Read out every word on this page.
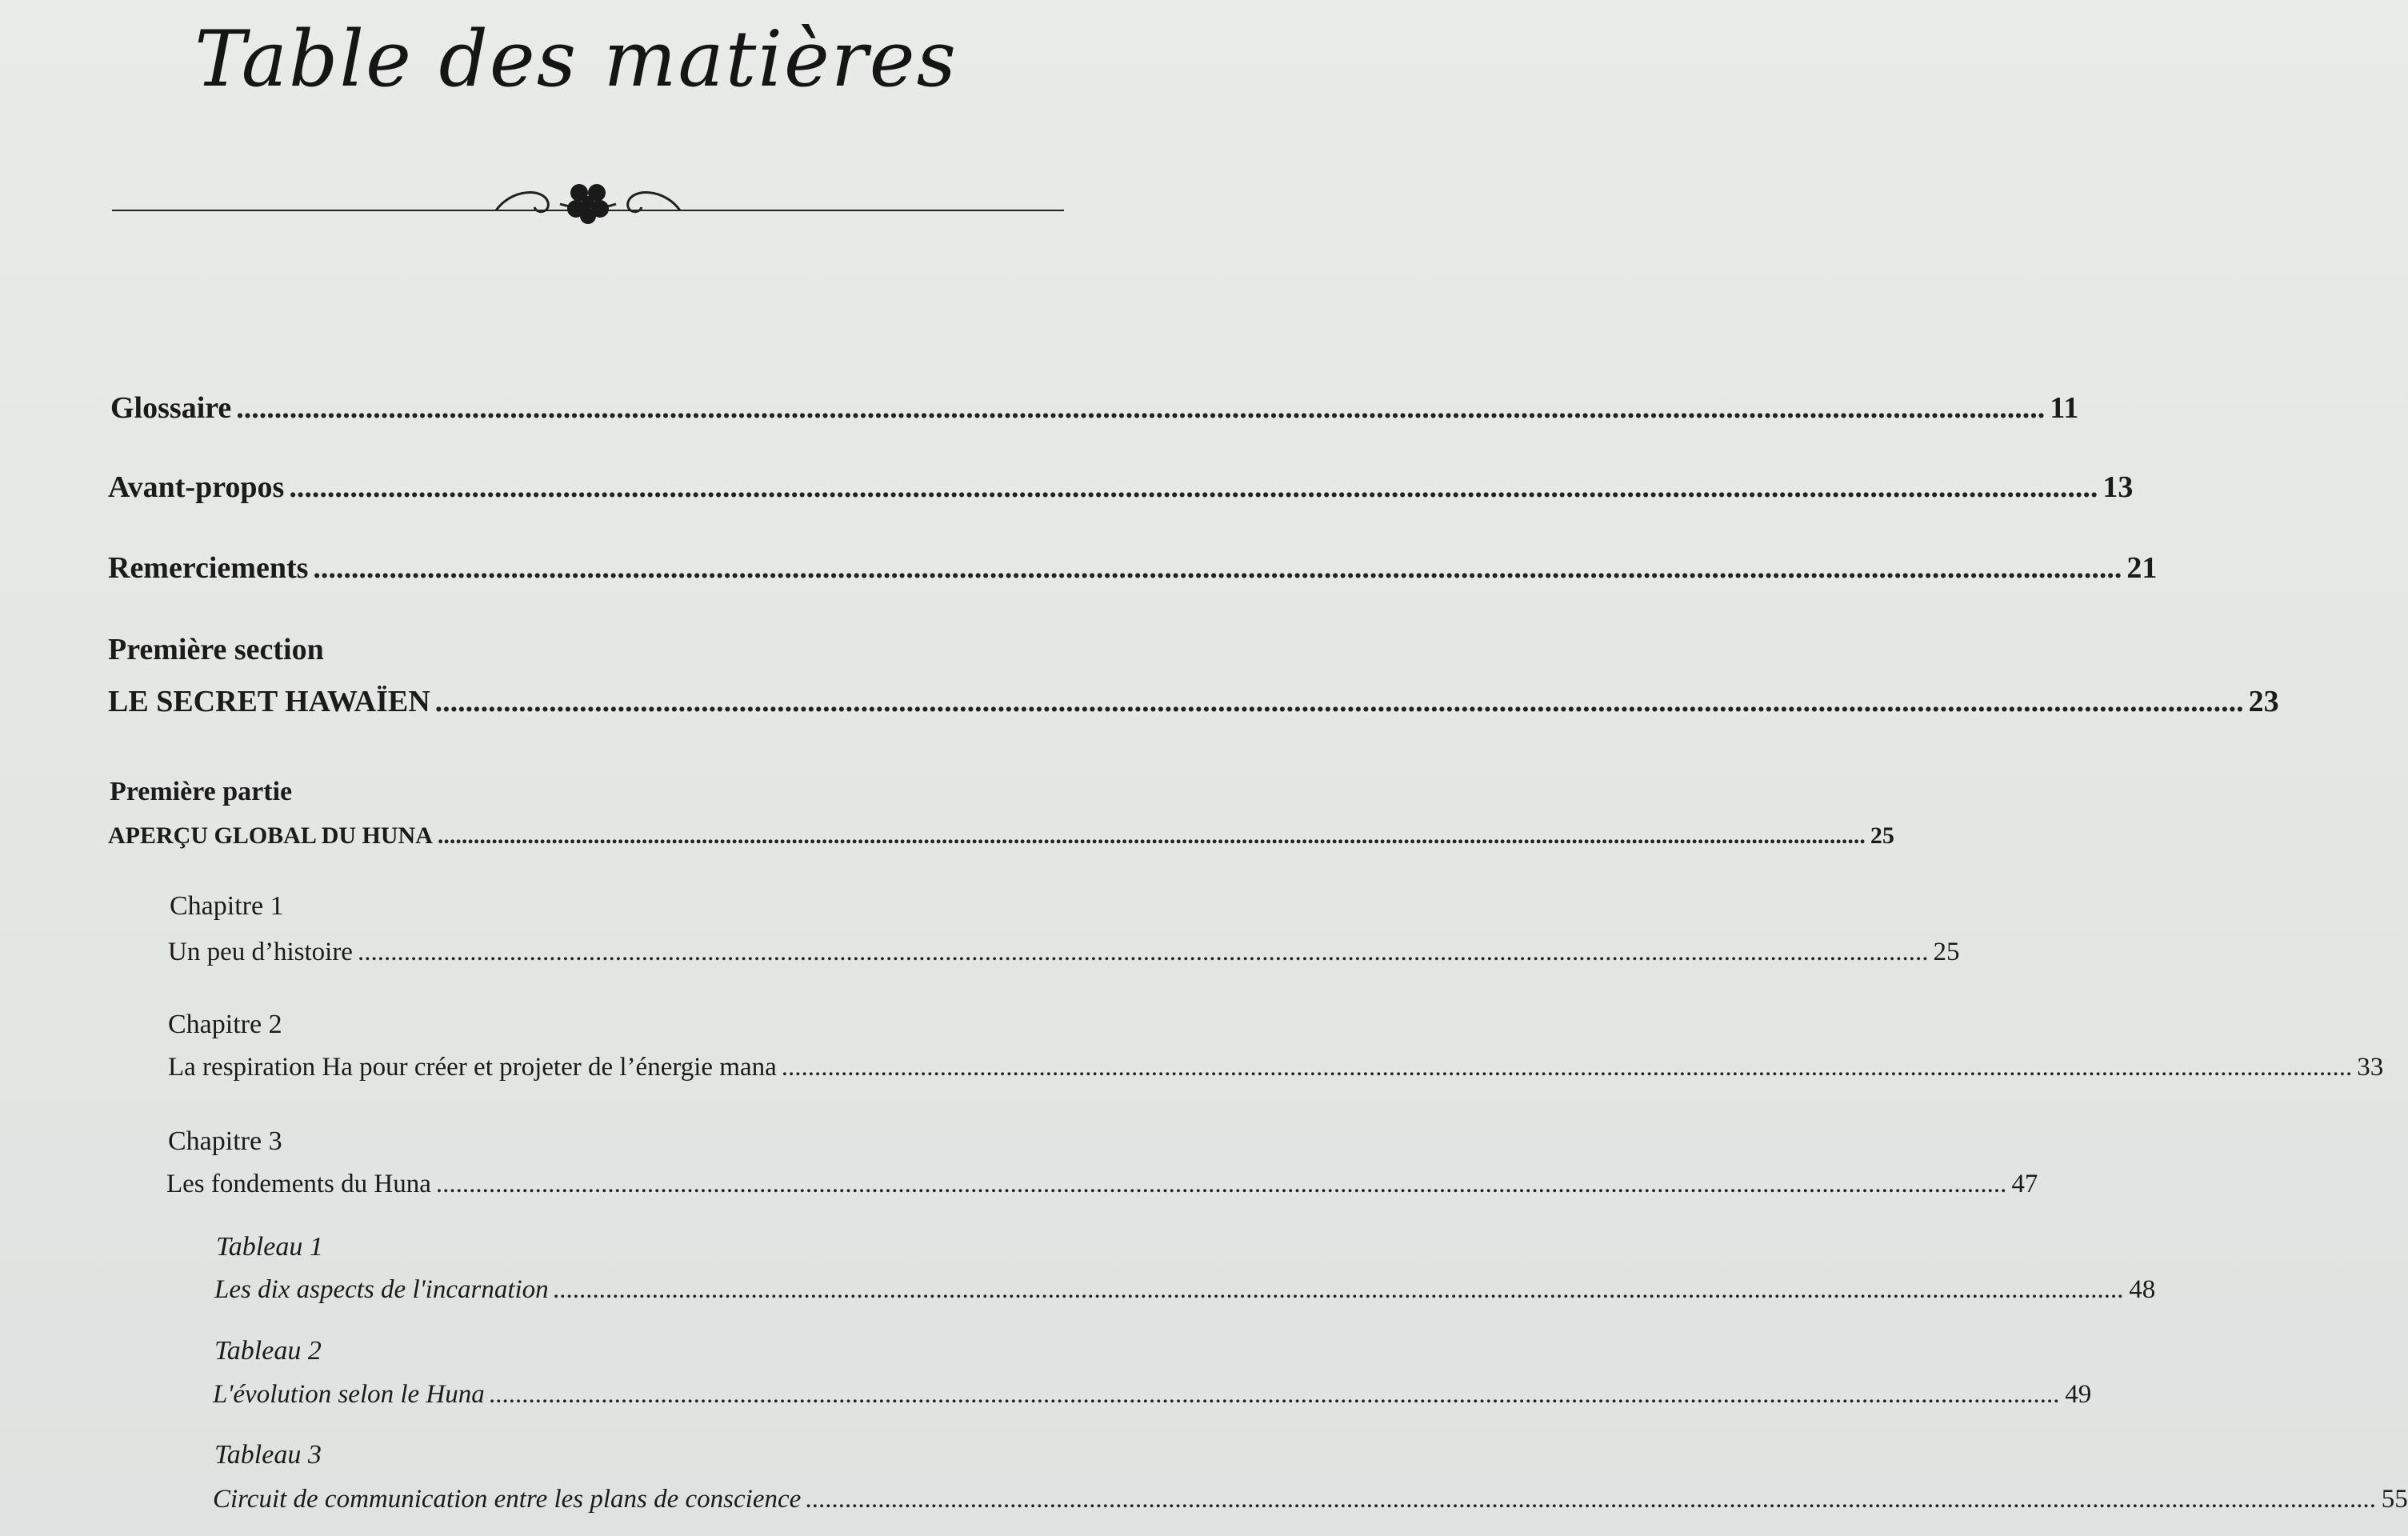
Table des matières
Glossaire .............................................................................................................................................................................................................................................. 11
Avant-propos .............................................................................................................................................................................................................................................. 13
Remerciements .............................................................................................................................................................................................................................................. 21
Première section
LE SECRET HAWAÏEN .............................................................................................................................................................................................................................................. 23
Première partie
APERÇU GLOBAL DU HUNA .............................................................................................................................................................................................................................................. 25
Chapitre 1
Un peu d’histoire .............................................................................................................................................................................................................................................. 25
Chapitre 2
La respiration Ha pour créer et projeter de l’énergie mana .............................................................................................................................................................................................................................................. 33
Chapitre 3
Les fondements du Huna .............................................................................................................................................................................................................................................. 47
Tableau 1
Les dix aspects de l'incarnation .............................................................................................................................................................................................................................................. 48
Tableau 2
L'évolution selon le Huna .............................................................................................................................................................................................................................................. 49
Tableau 3
Circuit de communication entre les plans de conscience .............................................................................................................................................................................................................................................. 55
